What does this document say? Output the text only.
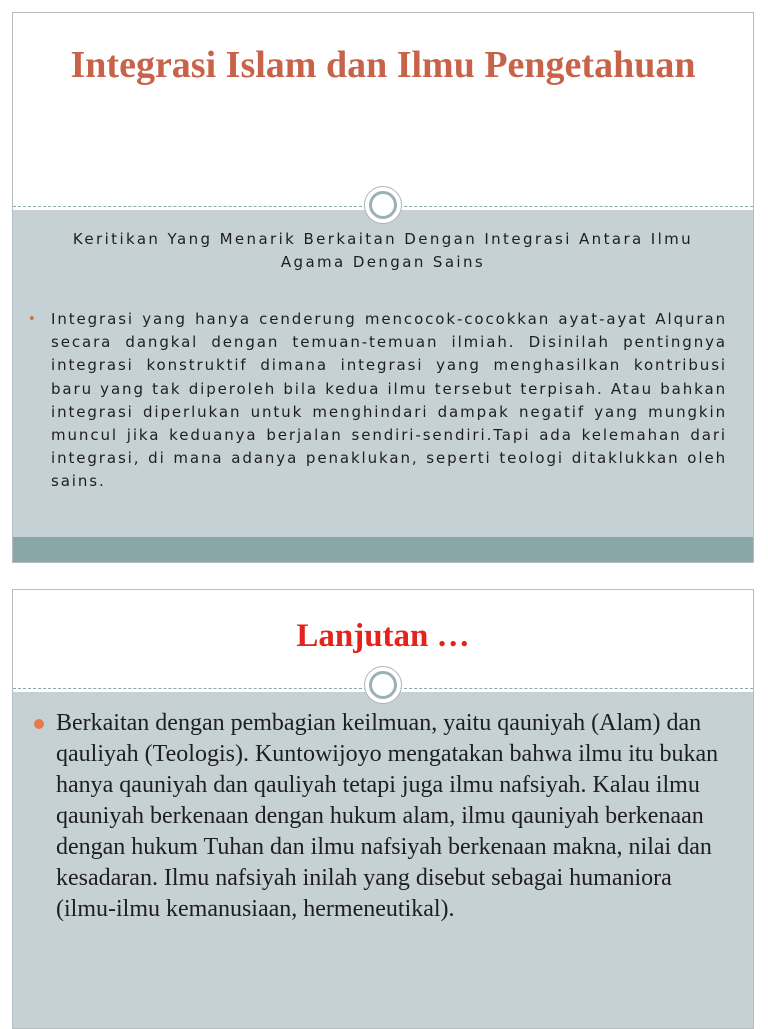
Integrasi Islam dan Ilmu Pengetahuan
Keritikan Yang Menarik Berkaitan Dengan Integrasi Antara Ilmu Agama Dengan Sains
• Integrasi yang hanya cenderung mencocok-cocokkan ayat-ayat Alquran secara dangkal dengan temuan-temuan ilmiah. Disinilah pentingnya integrasi konstruktif dimana integrasi yang menghasilkan kontribusi baru yang tak diperoleh bila kedua ilmu tersebut terpisah. Atau bahkan integrasi diperlukan untuk menghindari dampak negatif yang mungkin muncul jika keduanya berjalan sendiri-sendiri.Tapi ada kelemahan dari integrasi, di mana adanya penaklukan, seperti teologi ditaklukkan oleh sains.
Lanjutan …
Berkaitan dengan pembagian keilmuan, yaitu qauniyah (Alam) dan qauliyah (Teologis). Kuntowijoyo mengatakan bahwa ilmu itu bukan hanya qauniyah dan qauliyah tetapi juga ilmu nafsiyah. Kalau ilmu qauniyah berkenaan dengan hukum alam, ilmu qauniyah berkenaan dengan hukum Tuhan dan ilmu nafsiyah berkenaan makna, nilai dan kesadaran. Ilmu nafsiyah inilah yang disebut sebagai humaniora (ilmu-ilmu kemanusiaan, hermeneutikal).
